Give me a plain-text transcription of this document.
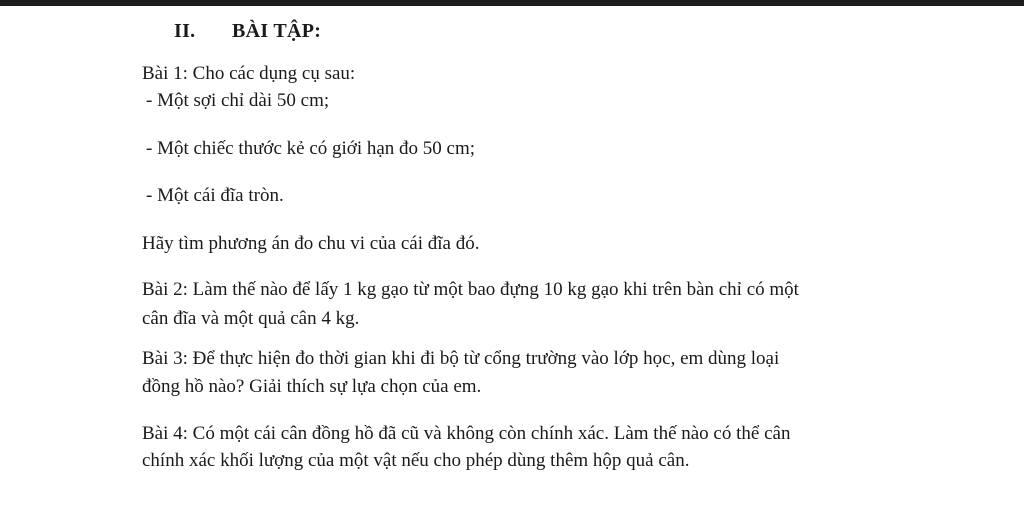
II. BÀI TẬP:
Bài 1: Cho các dụng cụ sau:
- Một sợi chỉ dài 50 cm;
- Một chiếc thước kẻ có giới hạn đo 50 cm;
- Một cái đĩa tròn.
Hãy tìm phương án đo chu vi của cái đĩa đó.
Bài 2: Làm thế nào để lấy 1 kg gạo từ một bao đựng 10 kg gạo khi trên bàn chỉ có một
cân đĩa và một quả cân 4 kg.
Bài 3: Để thực hiện đo thời gian khi đi bộ từ cổng trường vào lớp học, em dùng loại
đồng hồ nào? Giải thích sự lựa chọn của em.
Bài 4: Có một cái cân đồng hồ đã cũ và không còn chính xác. Làm thế nào có thể cân
chính xác khối lượng của một vật nếu cho phép dùng thêm hộp quả cân.
